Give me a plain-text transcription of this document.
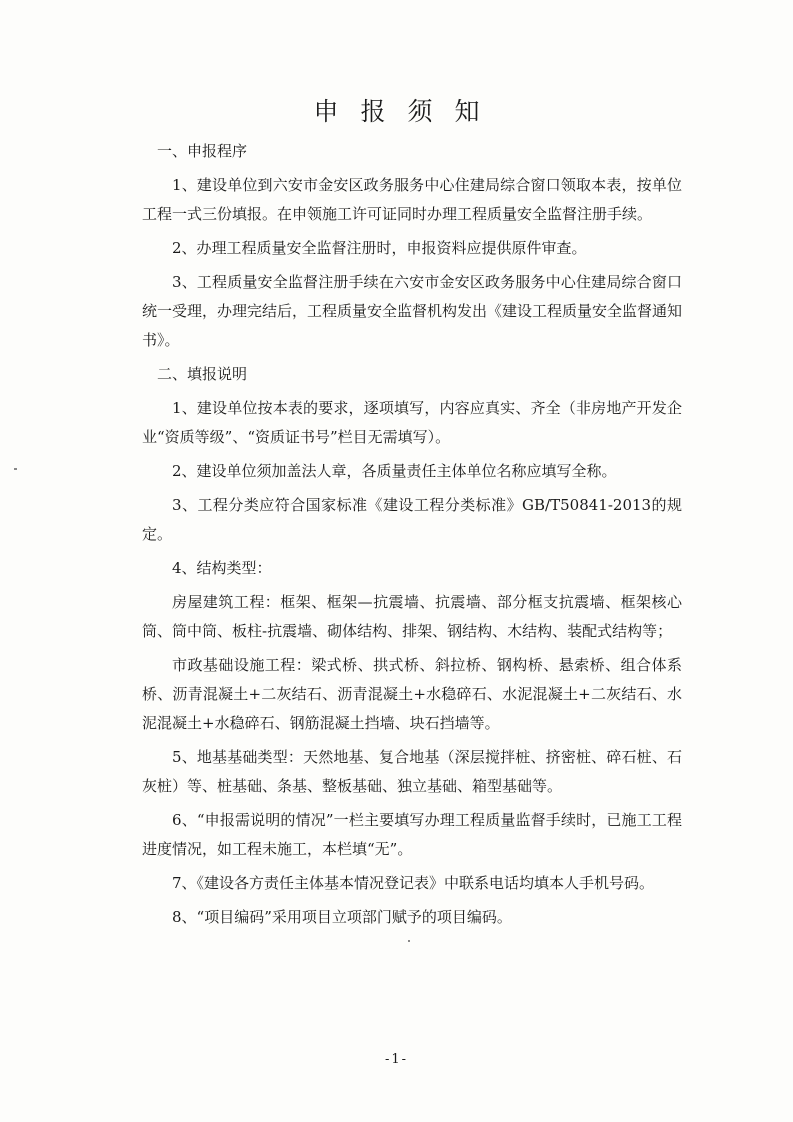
申报须知

一、申报程序

1、建设单位到六安市金安区政务服务中心住建局综合窗口领取本表，按单位工程一式三份填报。在申领施工许可证同时办理工程质量安全监督注册手续。

2、办理工程质量安全监督注册时，申报资料应提供原件审查。

3、工程质量安全监督注册手续在六安市金安区政务服务中心住建局综合窗口统一受理，办理完结后，工程质量安全监督机构发出《建设工程质量安全监督通知书》。

二、填报说明

1、建设单位按本表的要求，逐项填写，内容应真实、齐全（非房地产开发企业“资质等级”、“资质证书号”栏目无需填写）。

2、建设单位须加盖法人章，各质量责任主体单位名称应填写全称。

3、工程分类应符合国家标准《建设工程分类标准》GB/T50841-2013的规定。

4、结构类型：

房屋建筑工程：框架、框架—抗震墙、抗震墙、部分框支抗震墙、框架核心筒、筒中筒、板柱-抗震墙、砌体结构、排架、钢结构、木结构、装配式结构等；

市政基础设施工程：梁式桥、拱式桥、斜拉桥、钢构桥、悬索桥、组合体系桥、沥青混凝土+二灰结石、沥青混凝土+水稳碎石、水泥混凝土+二灰结石、水泥混凝土+水稳碎石、钢筋混凝土挡墙、块石挡墙等。

5、地基基础类型：天然地基、复合地基（深层搅拌桩、挤密桩、碎石桩、石灰桩）等、桩基础、条基、整板基础、独立基础、箱型基础等。

6、“申报需说明的情况”一栏主要填写办理工程质量监督手续时，已施工工程进度情况，如工程未施工，本栏填“无”。

7、《建设各方责任主体基本情况登记表》中联系电话均填本人手机号码。

8、“项目编码”采用项目立项部门赋予的项目编码。

-1-
